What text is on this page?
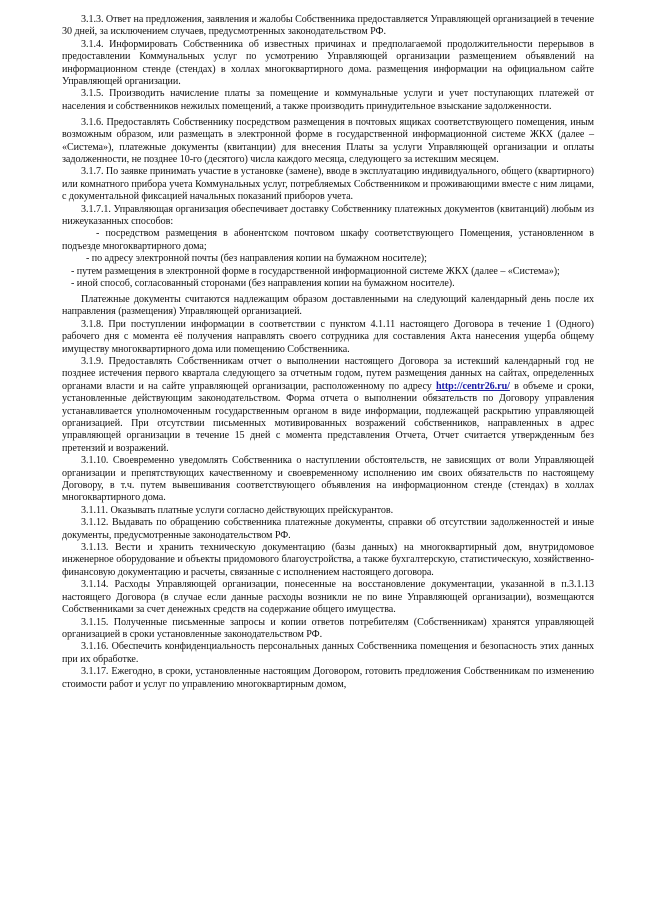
3.1.3. Ответ на предложения, заявления и жалобы Собственника предоставляется Управляющей организацией в течение 30 дней, за исключением случаев, предусмотренных законодательством РФ.

3.1.4. Информировать Собственника об известных причинах и предполагаемой продолжительности перерывов в предоставлении Коммунальных услуг по усмотрению Управляющей организации размещением объявлений на информационном стенде (стендах) в холлах многоквартирного дома. размещения информации на официальном сайте Управляющей организации.

3.1.5. Производить начисление платы за помещение и коммунальные услуги и учет поступающих платежей от населения и собственников нежилых помещений, а также производить принудительное взыскание задолженности.

3.1.6. Предоставлять Собственнику посредством размещения в почтовых ящиках соответствующего помещения, иным возможным образом, или размещать в электронной форме в государственной информационной системе ЖКХ (далее – «Система»), платежные документы (квитанции) для внесения Платы за услуги Управляющей организации и оплаты задолженности, не позднее 10-го (десятого) числа каждого месяца, следующего за истекшим месяцем.

3.1.7. По заявке принимать участие в установке (замене), вводе в эксплуатацию индивидуального, общего (квартирного) или комнатного прибора учета Коммунальных услуг, потребляемых Собственником и проживающими вместе с ним лицами, с документальной фиксацией начальных показаний приборов учета.

3.1.7.1. Управляющая организация обеспечивает доставку Собственнику платежных документов (квитанций) любым из нижеуказанных способов:

- посредством размещения в абонентском почтовом шкафу соответствующего Помещения, установленном в подъезде многоквартирного дома;

- по адресу электронной почты (без направления копии на бумажном носителе);

- путем размещения в электронной форме в государственной информационной системе ЖКХ (далее – «Система»);

- иной способ, согласованный сторонами (без направления копии на бумажном носителе).

Платежные документы считаются надлежащим образом доставленными на следующий календарный день после их направления (размещения) Управляющей организацией.

3.1.8. При поступлении информации в соответствии с пунктом 4.1.11 настоящего Договора в течение 1 (Одного) рабочего дня с момента её получения направлять своего сотрудника для составления Акта нанесения ущерба общему имуществу многоквартирного дома или помещению Собственника.

3.1.9. Предоставлять Собственникам отчет о выполнении настоящего Договора за истекший календарный год не позднее истечения первого квартала следующего за отчетным годом, путем размещения данных на сайтах, определенных органами власти и на сайте управляющей организации, расположенному по адресу http://centr26.ru/ в объеме и сроки, установленные действующим законодательством. Форма отчета о выполнении обязательств по Договору управления устанавливается уполномоченным государственным органом в виде информации, подлежащей раскрытию управляющей организацией. При отсутствии письменных мотивированных возражений собственников, направленных в адрес управляющей организации в течение 15 дней с момента представления Отчета, Отчет считается утвержденным без претензий и возражений.

3.1.10. Своевременно уведомлять Собственника о наступлении обстоятельств, не зависящих от воли Управляющей организации и препятствующих качественному и своевременному исполнению им своих обязательств по настоящему Договору, в т.ч. путем вывешивания соответствующего объявления на информационном стенде (стендах) в холлах многоквартирного дома.

3.1.11. Оказывать платные услуги согласно действующих прейскурантов.

3.1.12. Выдавать по обращению собственника платежные документы, справки об отсутствии задолженностей и иные документы, предусмотренные законодательством РФ.

3.1.13. Вести и хранить техническую документацию (базы данных) на многоквартирный дом, внутридомовое инженерное оборудование и объекты придомового благоустройства, а также бухгалтерскую, статистическую, хозяйственно-финансовую документацию и расчеты, связанные с исполнением настоящего договора.

3.1.14. Расходы Управляющей организации, понесенные на восстановление документации, указанной в п.3.1.13 настоящего Договора (в случае если данные расходы возникли не по вине Управляющей организации), возмещаются Собственниками за счет денежных средств на содержание общего имущества.

3.1.15. Полученные письменные запросы и копии ответов потребителям (Собственникам) хранятся управляющей организацией в сроки установленные законодательством РФ.

3.1.16. Обеспечить конфиденциальность персональных данных Собственника помещения и безопасность этих данных при их обработке.

3.1.17. Ежегодно, в сроки, установленные настоящим Договором, готовить предложения Собственникам по изменению стоимости работ и услуг по управлению многоквартирным домом,
